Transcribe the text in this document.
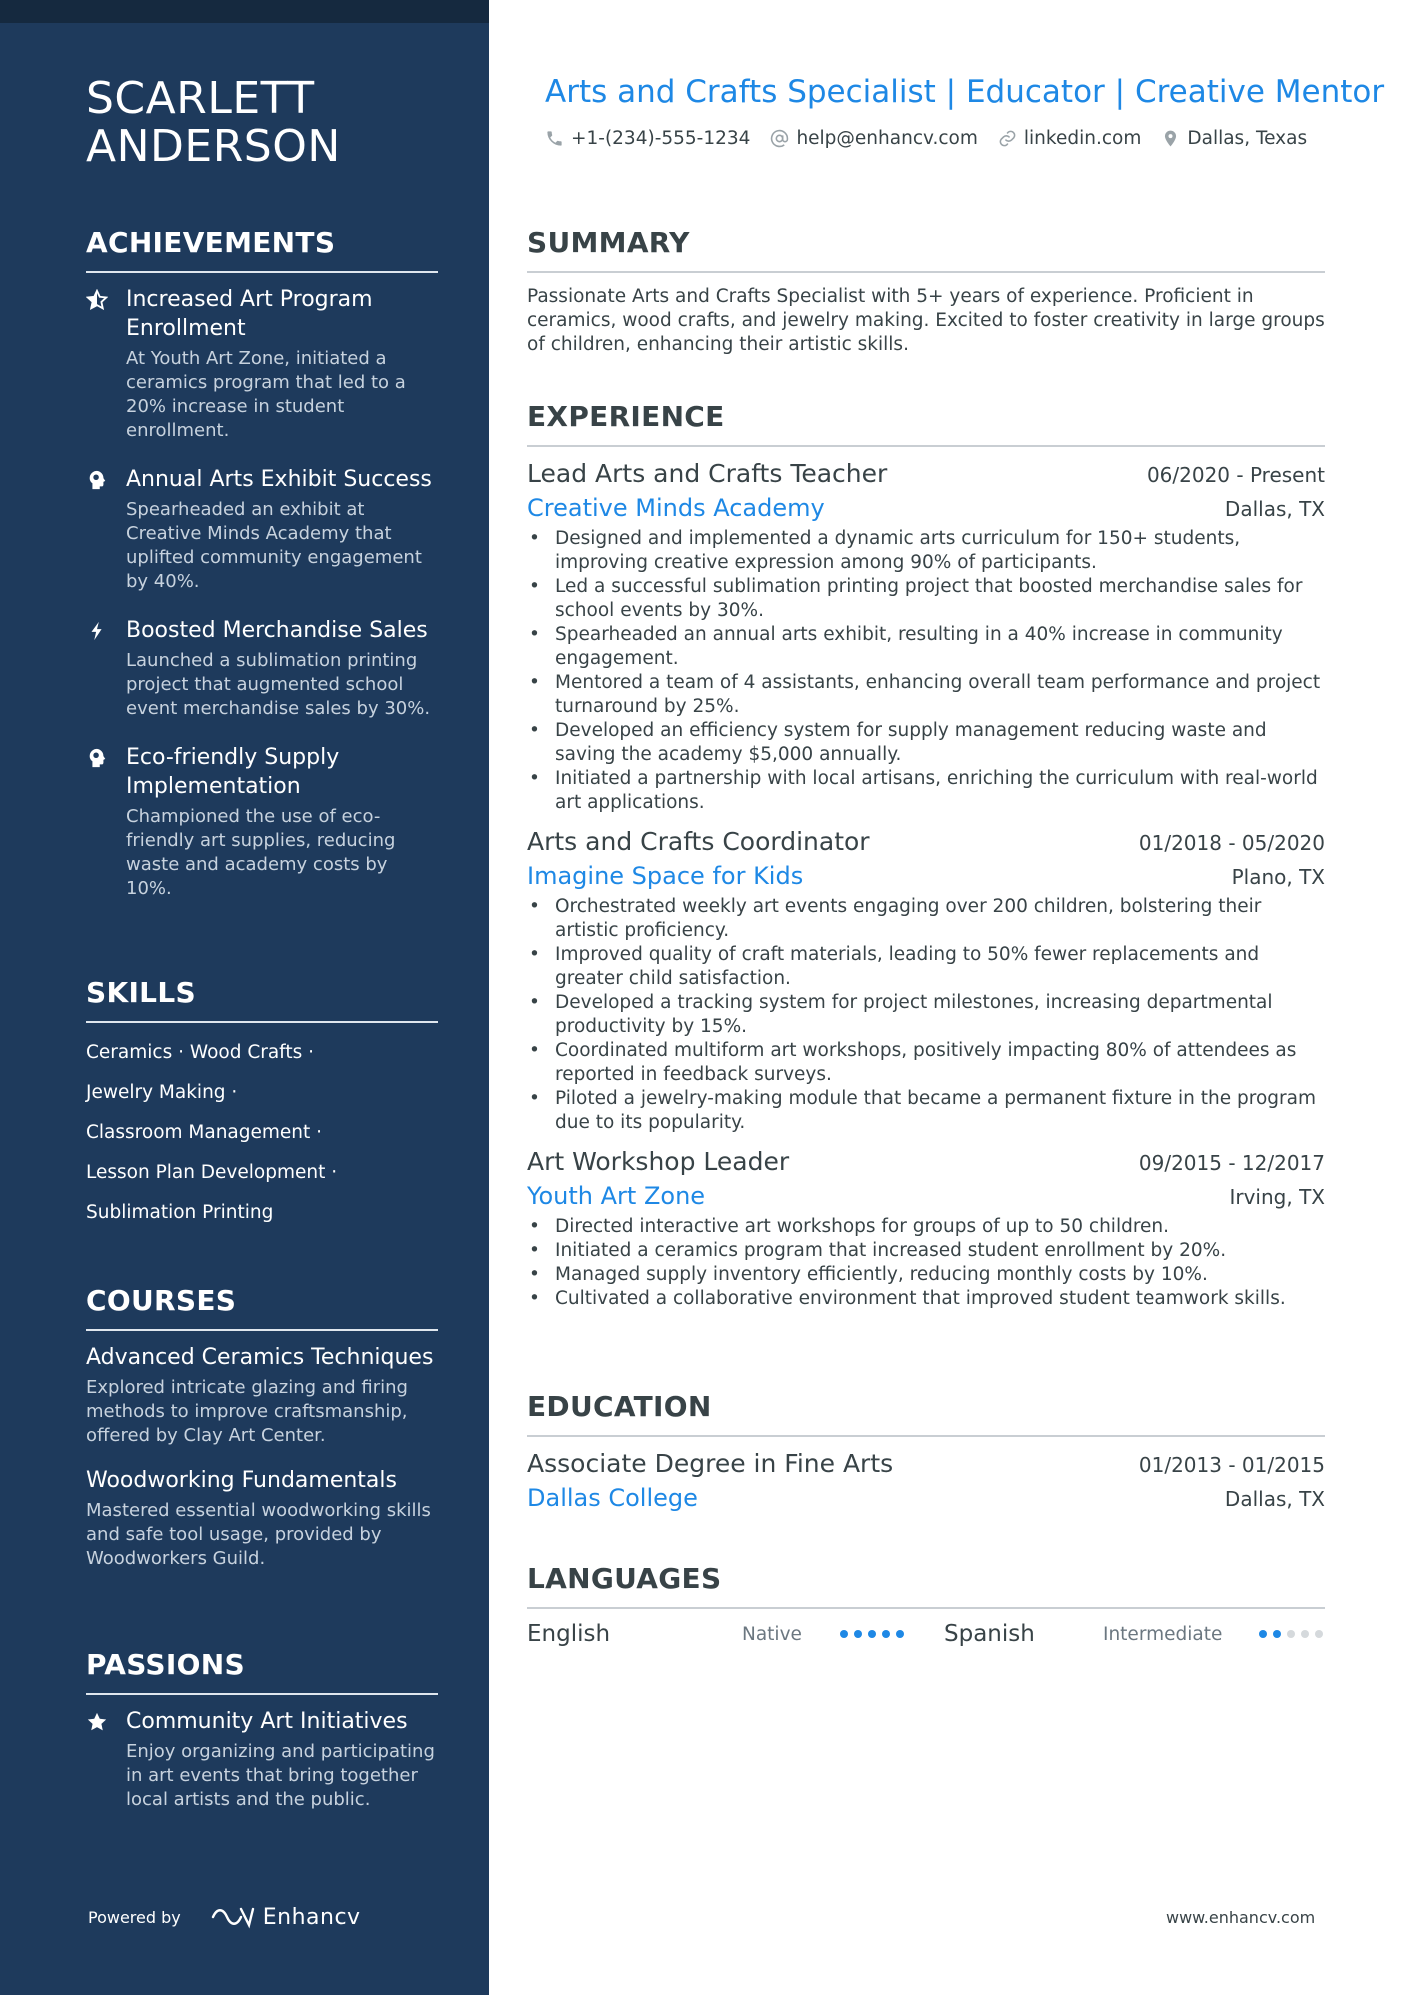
SCARLETT ANDERSON
ACHIEVEMENTS
Increased Art Program Enrollment
At Youth Art Zone, initiated a ceramics program that led to a 20% increase in student enrollment.
Annual Arts Exhibit Success
Spearheaded an exhibit at Creative Minds Academy that uplifted community engagement by 40%.
Boosted Merchandise Sales
Launched a sublimation printing project that augmented school event merchandise sales by 30%.
Eco-friendly Supply Implementation
Championed the use of eco-friendly art supplies, reducing waste and academy costs by 10%.
SKILLS
Ceramics · Wood Crafts ·
Jewelry Making ·
Classroom Management ·
Lesson Plan Development ·
Sublimation Printing
COURSES
Advanced Ceramics Techniques
Explored intricate glazing and firing methods to improve craftsmanship, offered by Clay Art Center.
Woodworking Fundamentals
Mastered essential woodworking skills and safe tool usage, provided by Woodworkers Guild.
PASSIONS
Community Art Initiatives
Enjoy organizing and participating in art events that bring together local artists and the public.
Powered by	Enhancv
Arts and Crafts Specialist | Educator | Creative Mentor
+1-(234)-555-1234 help@enhancv.com linkedin.com Dallas, Texas
SUMMARY

Passionate Arts and Crafts Specialist with 5+ years of experience. Proficient in ceramics, wood crafts, and jewelry making. Excited to foster creativity in large groups of children, enhancing their artistic skills.

EXPERIENCE
Lead Arts and Crafts Teacher	06/2020 - Present
Creative Minds Academy	Dallas, TX
• Designed and implemented a dynamic arts curriculum for 150+ students, improving creative expression among 90% of participants.
• Led a successful sublimation printing project that boosted merchandise sales for school events by 30%.
• Spearheaded an annual arts exhibit, resulting in a 40% increase in community engagement.
• Mentored a team of 4 assistants, enhancing overall team performance and project turnaround by 25%.
• Developed an efficiency system for supply management reducing waste and saving the academy $5,000 annually.
• Initiated a partnership with local artisans, enriching the curriculum with real-world art applications.
Arts and Crafts Coordinator	01/2018 - 05/2020
Imagine Space for Kids	Plano, TX
• Orchestrated weekly art events engaging over 200 children, bolstering their artistic proficiency.
• Improved quality of craft materials, leading to 50% fewer replacements and greater child satisfaction.
• Developed a tracking system for project milestones, increasing departmental productivity by 15%.
• Coordinated multiform art workshops, positively impacting 80% of attendees as reported in feedback surveys.
• Piloted a jewelry-making module that became a permanent fixture in the program due to its popularity.
Art Workshop Leader	09/2015 - 12/2017
Youth Art Zone	Irving, TX
• Directed interactive art workshops for groups of up to 50 children.
• Initiated a ceramics program that increased student enrollment by 20%.
• Managed supply inventory efficiently, reducing monthly costs by 10%.
• Cultivated a collaborative environment that improved student teamwork skills.
EDUCATION
Associate Degree in Fine Arts	01/2013 - 01/2015
Dallas College	Dallas, TX
LANGUAGES
English	Native	Spanish	Intermediate
www.enhancv.com
